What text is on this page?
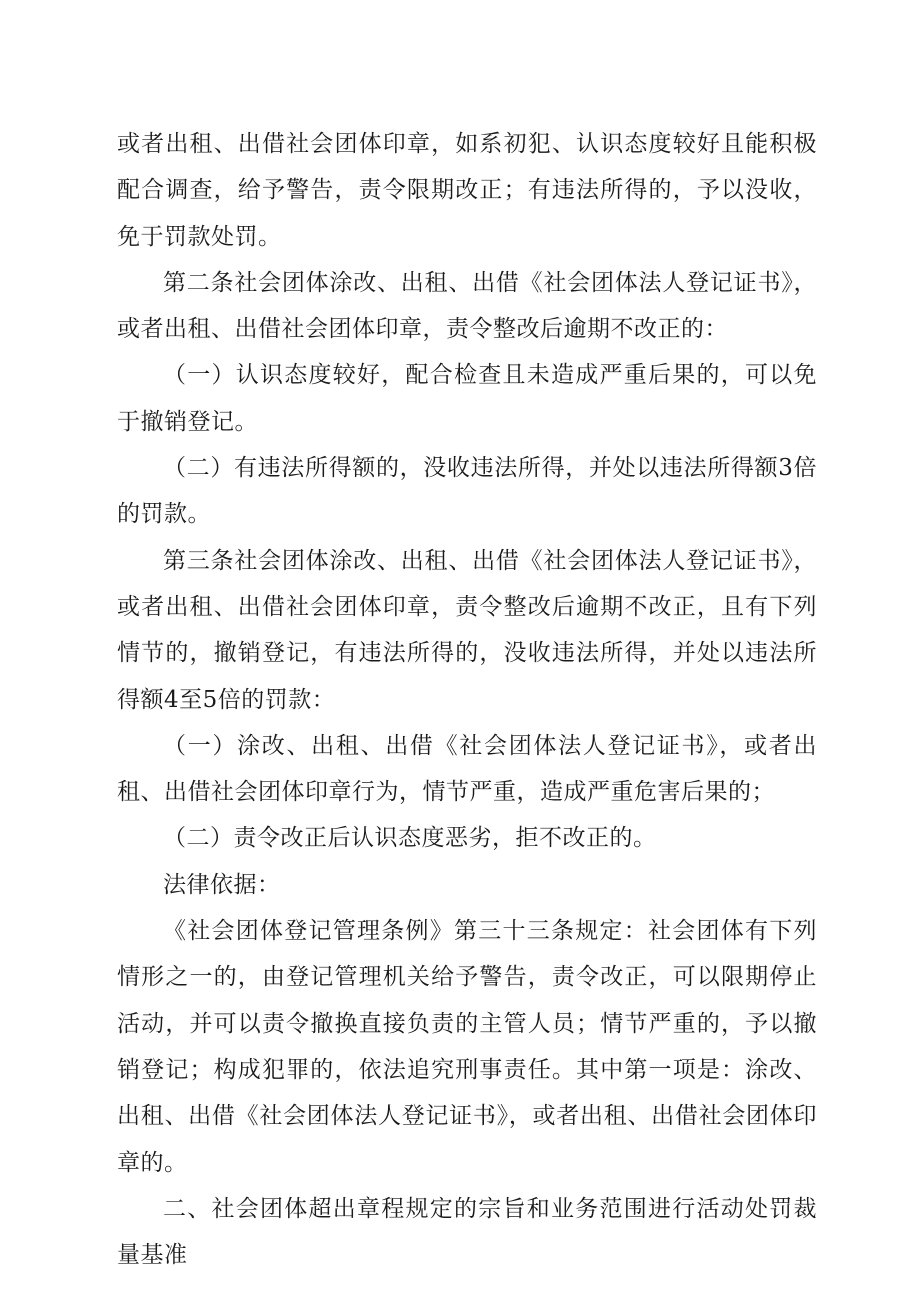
或者出租、出借社会团体印章，如系初犯、认识态度较好且能积极配合调查，给予警告，责令限期改正；有违法所得的，予以没收，免于罚款处罚。

第二条社会团体涂改、出租、出借《社会团体法人登记证书》，或者出租、出借社会团体印章，责令整改后逾期不改正的：

（一）认识态度较好，配合检查且未造成严重后果的，可以免于撤销登记。

（二）有违法所得额的，没收违法所得，并处以违法所得额3倍的罚款。

第三条社会团体涂改、出租、出借《社会团体法人登记证书》，或者出租、出借社会团体印章，责令整改后逾期不改正，且有下列情节的，撤销登记，有违法所得的，没收违法所得，并处以违法所得额4至5倍的罚款：

（一）涂改、出租、出借《社会团体法人登记证书》，或者出租、出借社会团体印章行为，情节严重，造成严重危害后果的；

（二）责令改正后认识态度恶劣，拒不改正的。

法律依据：

《社会团体登记管理条例》第三十三条规定：社会团体有下列情形之一的，由登记管理机关给予警告，责令改正，可以限期停止活动，并可以责令撤换直接负责的主管人员；情节严重的，予以撤销登记；构成犯罪的，依法追究刑事责任。其中第一项是：涂改、出租、出借《社会团体法人登记证书》，或者出租、出借社会团体印章的。

二、社会团体超出章程规定的宗旨和业务范围进行活动处罚裁量基准
